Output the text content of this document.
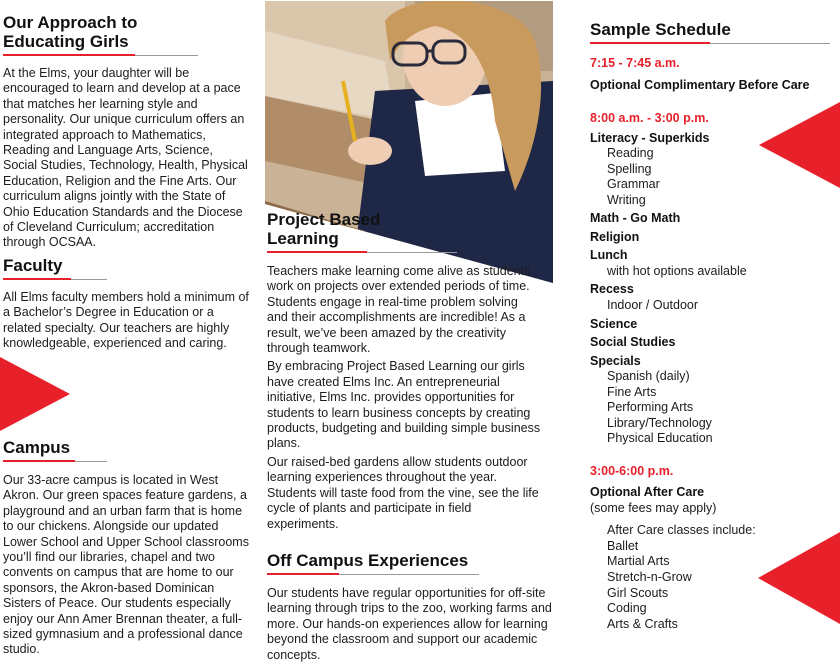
Our Approach to
Educating Girls

At the Elms, your daughter will be encouraged to learn and develop at a pace that matches her learning style and personality. Our unique curriculum offers an integrated approach to Mathematics, Reading and Language Arts, Science, Social Studies, Technology, Health, Physical Education, Religion and the Fine Arts. Our curriculum aligns jointly with the State of Ohio Education Standards and the Diocese of Cleveland Curriculum; accreditation through OCSAA.

Faculty

All Elms faculty members hold a minimum of a Bachelor’s Degree in Education or a related specialty. Our teachers are highly knowledgeable, experienced and caring.

Campus

Our 33-acre campus is located in West Akron. Our green spaces feature gardens, a playground and an urban farm that is home to our chickens. Alongside our updated Lower School and Upper School classrooms you’ll find our libraries, chapel and two convents on campus that are home to our sponsors, the Akron-based Dominican Sisters of Peace. Our students especially enjoy our Ann Amer Brennan theater, a full-sized gymnasium and a professional dance studio.

Project Based
Learning

Teachers make learning come alive as students work on projects over extended periods of time. Students engage in real-time problem solving and their accomplishments are incredible! As a result, we’ve been amazed by the creativity through teamwork.

By embracing Project Based Learning our girls have created Elms Inc. An entrepreneurial initiative, Elms Inc. provides opportunities for students to learn business concepts by creating products, budgeting and building simple business plans.

Our raised-bed gardens allow students outdoor learning experiences throughout the year. Students will taste food from the vine, see the life cycle of plants and participate in field experiments.

Off Campus Experiences

Our students have regular opportunities for off-site learning through trips to the zoo, working farms and more. Our hands-on experiences allow for learning beyond the classroom and support our academic concepts.

Sample Schedule
7:15 - 7:45 a.m.
Optional Complimentary Before Care
8:00 a.m. - 3:00 p.m.
Literacy - Superkids
Reading
Spelling
Grammar
Writing
Math - Go Math
Religion
Lunch
with hot options available
Recess
Indoor / Outdoor
Science
Social Studies
Specials
Spanish (daily)
Fine Arts
Performing Arts
Library/Technology
Physical Education
3:00-6:00 p.m.
Optional After Care
(some fees may apply)
After Care classes include:
Ballet
Martial Arts
Stretch-n-Grow
Girl Scouts
Coding
Arts & Crafts
